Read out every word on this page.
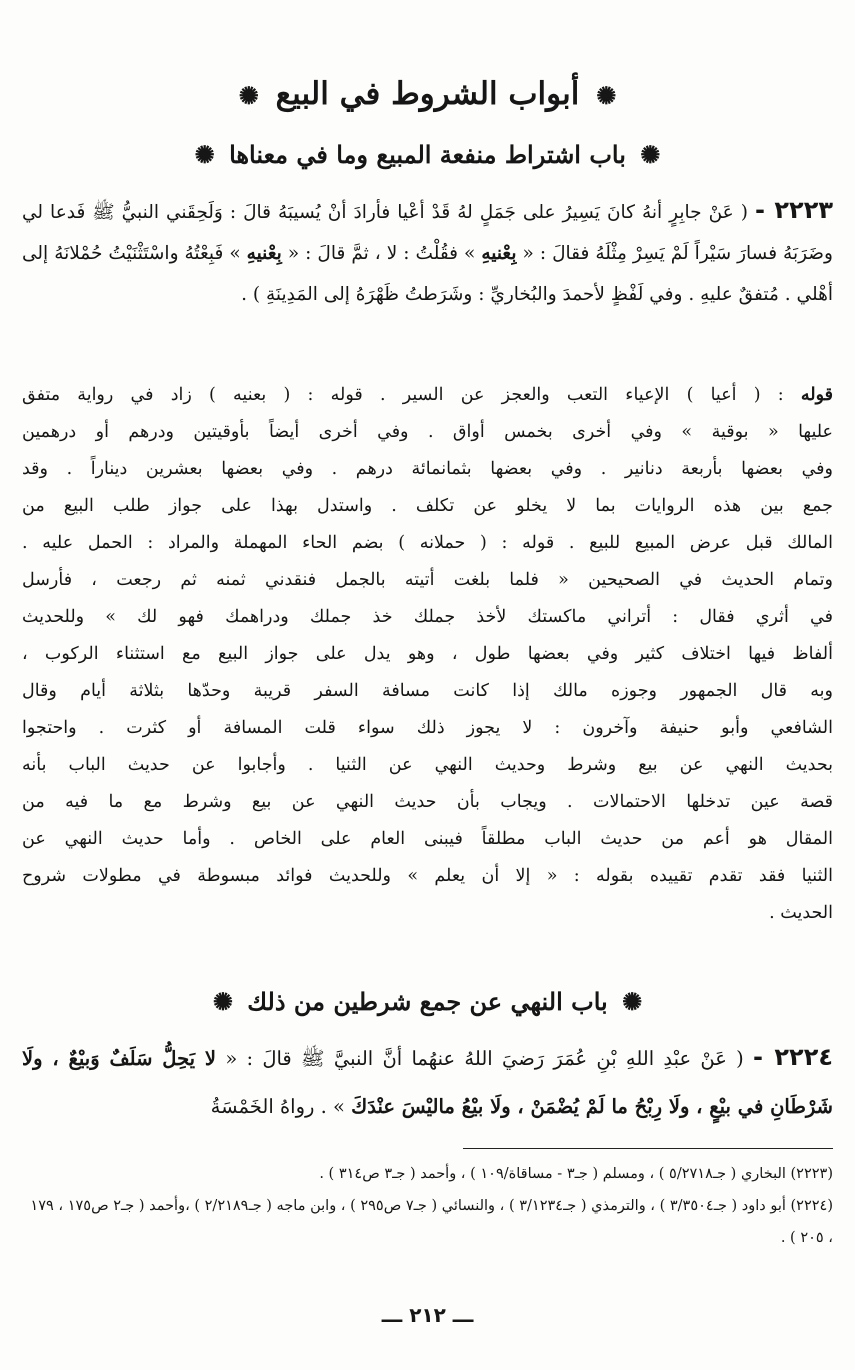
✺ أبواب الشروط في البيع ✺
✺ باب اشتراط منفعة المبيع وما في معناها ✺

٢٢٢٣ - ( عَنْ جابِرٍ أنهُ كانَ يَسِيرُ على جَمَلٍ لهُ قَدْ أعْيا فأرادَ أنْ يُسيبَهُ قالَ : وَلَحِقَني النبيُّ ﷺ فَدعا لي وضَرَبَهُ فسارَ سَيْراً لَمْ يَسِرْ مِثْلَهُ فقالَ : « بِعْنيهِ » فقُلْتُ : لا ، ثمَّ قالَ : « بِعْنيهِ » فَبِعْتُهُ واسْتَثْنَيْتُ حُمْلانَهُ إلى أهْلي . مُتفقٌ عليهِ . وفي لَفْظٍ لأحمدَ والبُخاريِّ : وشَرَطتُ ظَهْرَهُ إلى المَدِينَةِ ) .

قوله : ( أعيا ) الإعياء التعب والعجز عن السير . قوله : ( بعنيه ) زاد في رواية متفق
عليها « بوقية » وفي أخرى بخمس أواق . وفي أخرى أيضاً بأوقيتين ودرهم أو درهمين
وفي بعضها بأربعة دنانير . وفي بعضها بثمانمائة درهم . وفي بعضها بعشرين ديناراً . وقد
جمع بين هذه الروايات بما لا يخلو عن تكلف . واستدل بهذا على جواز طلب البيع من
المالك قبل عرض المبيع للبيع . قوله : ( حملانه ) بضم الحاء المهملة والمراد : الحمل عليه .
وتمام الحديث في الصحيحين « فلما بلغت أتيته بالجمل فنقدني ثمنه ثم رجعت ، فأرسل
في أثري فقال : أتراني ماكستك لأخذ جملك خذ جملك ودراهمك فهو لك » وللحديث
ألفاظ فيها اختلاف كثير وفي بعضها طول ، وهو يدل على جواز البيع مع استثناء الركوب ،
وبه قال الجمهور وجوزه مالك إذا كانت مسافة السفر قريبة وحدّها بثلاثة أيام وقال
الشافعي وأبو حنيفة وآخرون : لا يجوز ذلك سواء قلت المسافة أو كثرت . واحتجوا
بحديث النهي عن بيع وشرط وحديث النهي عن الثنيا . وأجابوا عن حديث الباب بأنه
قصة عين تدخلها الاحتمالات . ويجاب بأن حديث النهي عن بيع وشرط مع ما فيه من
المقال هو أعم من حديث الباب مطلقاً فيبنى العام على الخاص . وأما حديث النهي عن
الثنيا فقد تقدم تقييده بقوله : « إلا أن يعلم » وللحديث فوائد مبسوطة في مطولات شروح
الحديث .
✺ باب النهي عن جمع شرطين من ذلك ✺

٢٢٢٤ - ( عَنْ عبْدِ اللهِ بْنِ عُمَرَ رَضيَ اللهُ عنهُما أنَّ النبيَّ ﷺ قالَ : « لا يَحِلُّ سَلَفٌ وَبيْعٌ ، ولَا شَرْطَانِ في بيْعٍ ، ولَا رِبْحُ ما لَمْ يُضْمَنْ ، ولَا بيْعُ ماليْسَ عنْدَكَ » . رواهُ الخَمْسَةُ

(٢٢٢٣) البخاري ( جـ٥/٢٧١٨ ) ، ومسلم ( جـ٣ - مساقاة/١٠٩ ) ، وأحمد ( جـ٣ ص٣١٤ ) .

(٢٢٢٤) أبو داود ( جـ٣/٣٥٠٤ ) ، والترمذي ( جـ٣/١٢٣٤ ) ، والنسائي ( جـ٧ ص٢٩٥ ) ، وابن ماجه ( جـ٢/٢١٨٩ ) ،وأحمد ( جـ٢ ص١٧٥ ، ١٧٩ ، ٢٠٥ ) .

ـــ ٢١٢ ـــ
